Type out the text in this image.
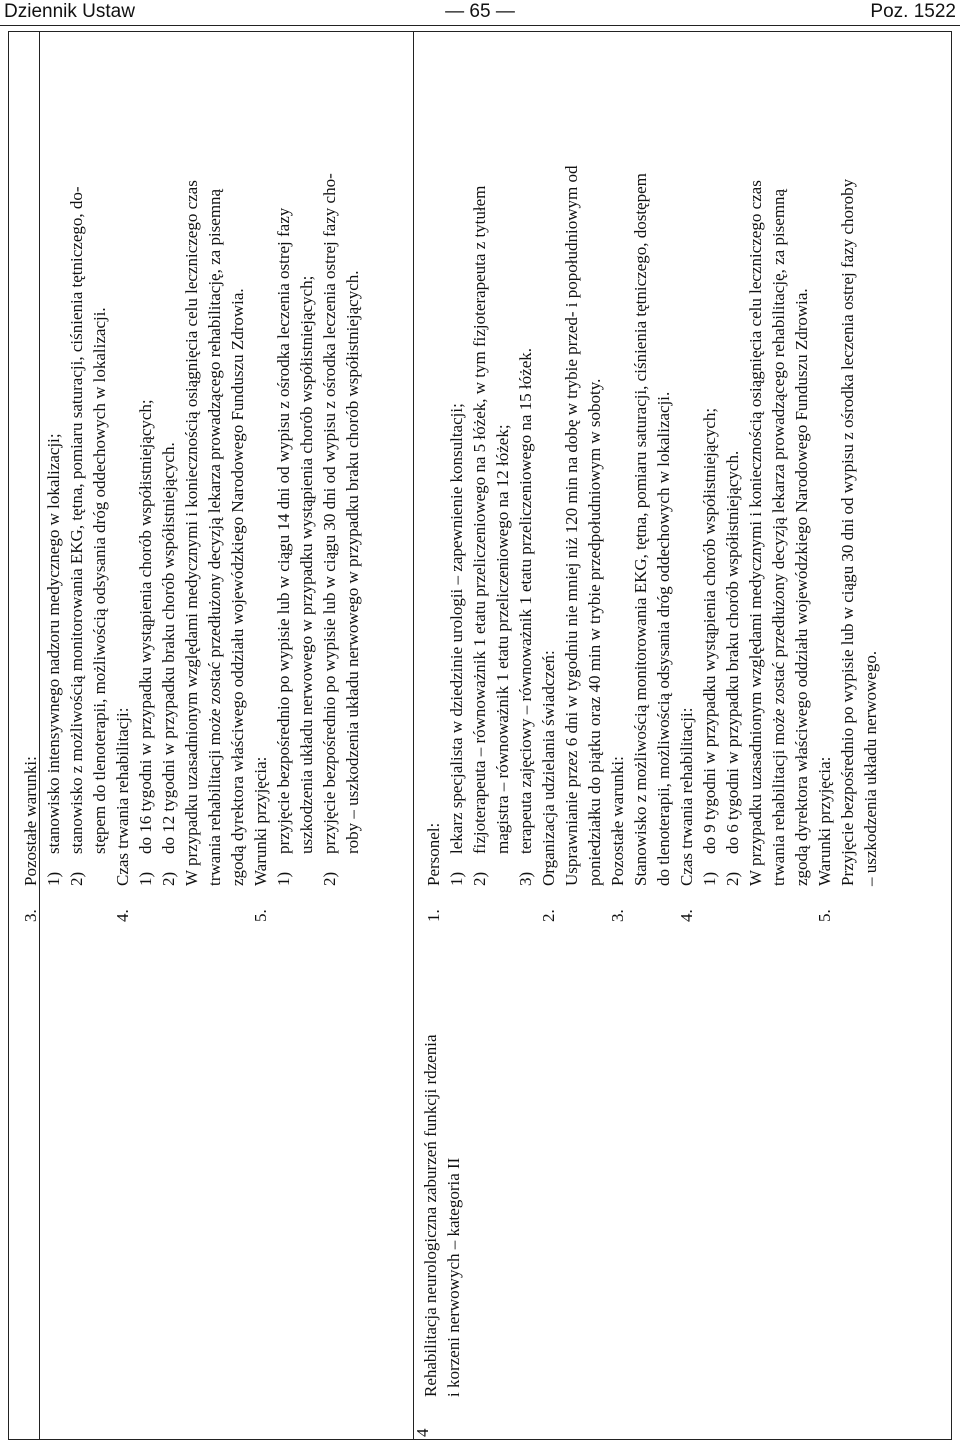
Dziennik Ustaw	— 65 —	Poz. 1522
3.
Pozostałe warunki: 1)
stanowisko intensywnego nadzoru medycznego w lokalizacji;
2)
stanowisko z możliwością monitorowania EKG, tętna, pomiaru saturacji, ciśnienia tętniczego, do- stępem do tlenoterapii, możliwością odsysania dróg oddechowych w lokalizacji.
4.
Czas trwania rehabilitacji: 1)
do 16 tygodni w przypadku wystąpienia chorób współistniejących;
2)
do 12 tygodni w przypadku braku chorób współistniejących. W przypadku uzasadnionym względami medycznymi i koniecznością osiągnięcia celu leczniczego czas trwania rehabilitacji może zostać przedłużony decyzją lekarza prowadzącego rehabilitację, za pisemną zgodą dyrektora właściwego oddziału wojewódzkiego Narodowego Funduszu Zdrowia.
5.
Warunki przyjęcia: 1)
przyjęcie bezpośrednio po wypisie lub w ciągu 14 dni od wypisu z ośrodka leczenia ostrej fazy uszkodzenia układu nerwowego w przypadku wystąpienia chorób współistniejących;
2)
przyjęcie bezpośrednio po wypisie lub w ciągu 30 dni od wypisu z ośrodka leczenia ostrej fazy cho- roby – uszkodzenia układu nerwowego w przypadku braku chorób współistniejących.
4
Rehabilitacja neurologiczna zaburzeń funkcji rdzenia i korzeni nerwowych – kategoria II
1.
Personel: 1)
lekarz specjalista w dziedzinie urologii – zapewnienie konsultacji;
2)
fizjoterapeuta – równoważnik 1 etatu przeliczeniowego na 5 łóżek, w tym fizjoterapeuta z tytułem magistra – równoważnik 1 etatu przeliczeniowego na 12 łóżek;
3)
terapeuta zajęciowy – równoważnik 1 etatu przeliczeniowego na 15 łóżek.
2.
Organizacja udzielania świadczeń: Usprawnianie przez 6 dni w tygodniu nie mniej niż 120 min na dobę w trybie przed- i popołudniowym od poniedziałku do piątku oraz 40 min w trybie przedpołudniowym w soboty.
3.
Pozostałe warunki: Stanowisko z możliwością monitorowania EKG, tętna, pomiaru saturacji, ciśnienia tętniczego, dostępem do tlenoterapii, możliwością odsysania dróg oddechowych w lokalizacji.
4.
Czas trwania rehabilitacji: 1)
do 9 tygodni w przypadku wystąpienia chorób współistniejących;
2)
do 6 tygodni w przypadku braku chorób współistniejących. W przypadku uzasadnionym względami medycznymi i koniecznością osiągnięcia celu leczniczego czas trwania rehabilitacji może zostać przedłużony decyzją lekarza prowadzącego rehabilitację, za pisemną zgodą dyrektora właściwego oddziału wojewódzkiego Narodowego Funduszu Zdrowia.
5.
Warunki przyjęcia: Przyjęcie bezpośrednio po wypisie lub w ciągu 30 dni od wypisu z ośrodka leczenia ostrej fazy choroby – uszkodzenia układu nerwowego.
